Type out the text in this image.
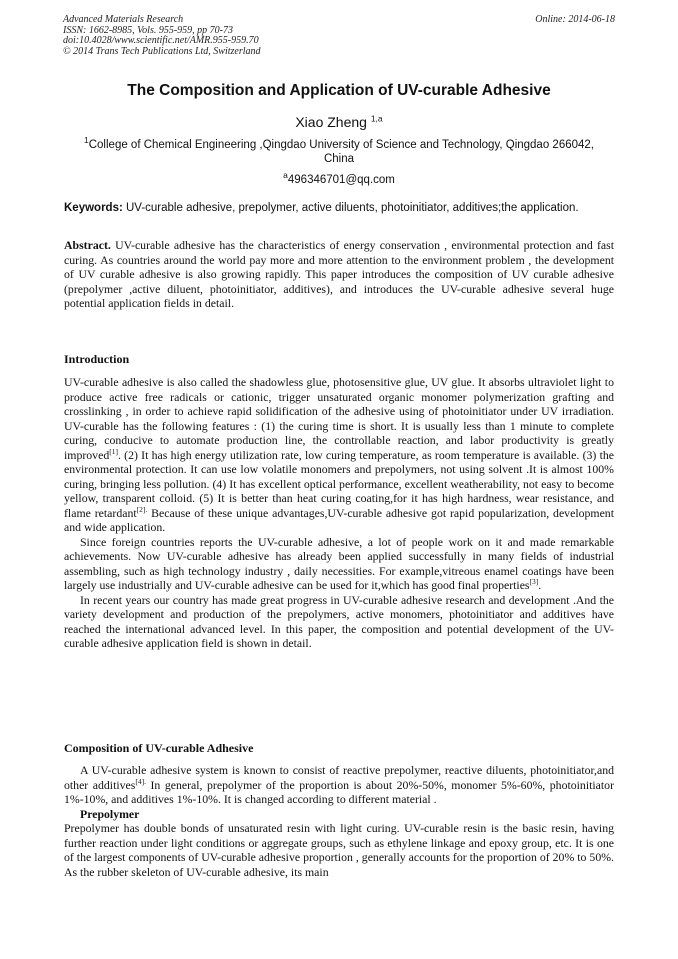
Advanced Materials Research
ISSN: 1662-8985, Vols. 955-959, pp 70-73
doi:10.4028/www.scientific.net/AMR.955-959.70
© 2014 Trans Tech Publications Ltd, Switzerland
Online: 2014-06-18
The Composition and Application of UV-curable Adhesive
Xiao Zheng $^{1,a}$
$^1$College of Chemical Engineering ,Qingdao University of Science and Technology, Qingdao 266042, China
$^a$496346701@qq.com
Keywords: UV-curable adhesive, prepolymer, active diluents, photoinitiator, additives;the application.

Abstract. UV-curable adhesive has the characteristics of energy conservation , environmental protection and fast curing. As countries around the world pay more and more attention to the environment problem , the development of UV curable adhesive is also growing rapidly. This paper introduces the composition of UV curable adhesive (prepolymer ,active diluent, photoinitiator, additives), and introduces the UV-curable adhesive several huge potential application fields in detail.

Introduction

UV-curable adhesive is also called the shadowless glue, photosensitive glue, UV glue. It absorbs ultraviolet light to produce active free radicals or cationic, trigger unsaturated organic monomer polymerization grafting and crosslinking , in order to achieve rapid solidification of the adhesive using of photoinitiator under UV irradiation. UV-curable has the following features : (1) the curing time is short. It is usually less than 1 minute to complete curing, conducive to automate production line, the controllable reaction, and labor productivity is greatly improved[1]. (2) It has high energy utilization rate, low curing temperature, as room temperature is available. (3) the environmental protection. It can use low volatile monomers and prepolymers, not using solvent .It is almost 100% curing, bringing less pollution. (4) It has excellent optical performance, excellent weatherability, not easy to become yellow, transparent colloid. (5) It is better than heat curing coating,for it has high hardness, wear resistance, and flame retardant$^{[2].}$ Because of these unique advantages,UV-curable adhesive got rapid popularization, development and wide application.

Since foreign countries reports the UV-curable adhesive, a lot of people work on it and made remarkable achievements. Now UV-curable adhesive has already been applied successfully in many fields of industrial assembling, such as high technology industry , daily necessities. For example,vitreous enamel coatings have been largely use industrially and UV-curable adhesive can be used for it,which has good final properties[3].

In recent years our country has made great progress in UV-curable adhesive research and development .And the variety development and production of the prepolymers, active monomers, photoinitiator and additives have reached the international advanced level. In this paper, the composition and potential development of the UV-curable adhesive application field is shown in detail.

Composition of UV-curable Adhesive

A UV-curable adhesive system is known to consist of reactive prepolymer, reactive diluents, photoinitiator,and other additives$^{[4].}$ In general, prepolymer of the proportion is about 20%-50%, monomer 5%-60%, photoinitiator 1%-10%, and additives 1%-10%. It is changed according to different material .

Prepolymer

Prepolymer has double bonds of unsaturated resin with light curing. UV-curable resin is the basic resin, having further reaction under light conditions or aggregate groups, such as ethylene linkage and epoxy group, etc. It is one of the largest components of UV-curable adhesive proportion , generally accounts for the proportion of 20% to 50%. As the rubber skeleton of UV-curable adhesive, its main
